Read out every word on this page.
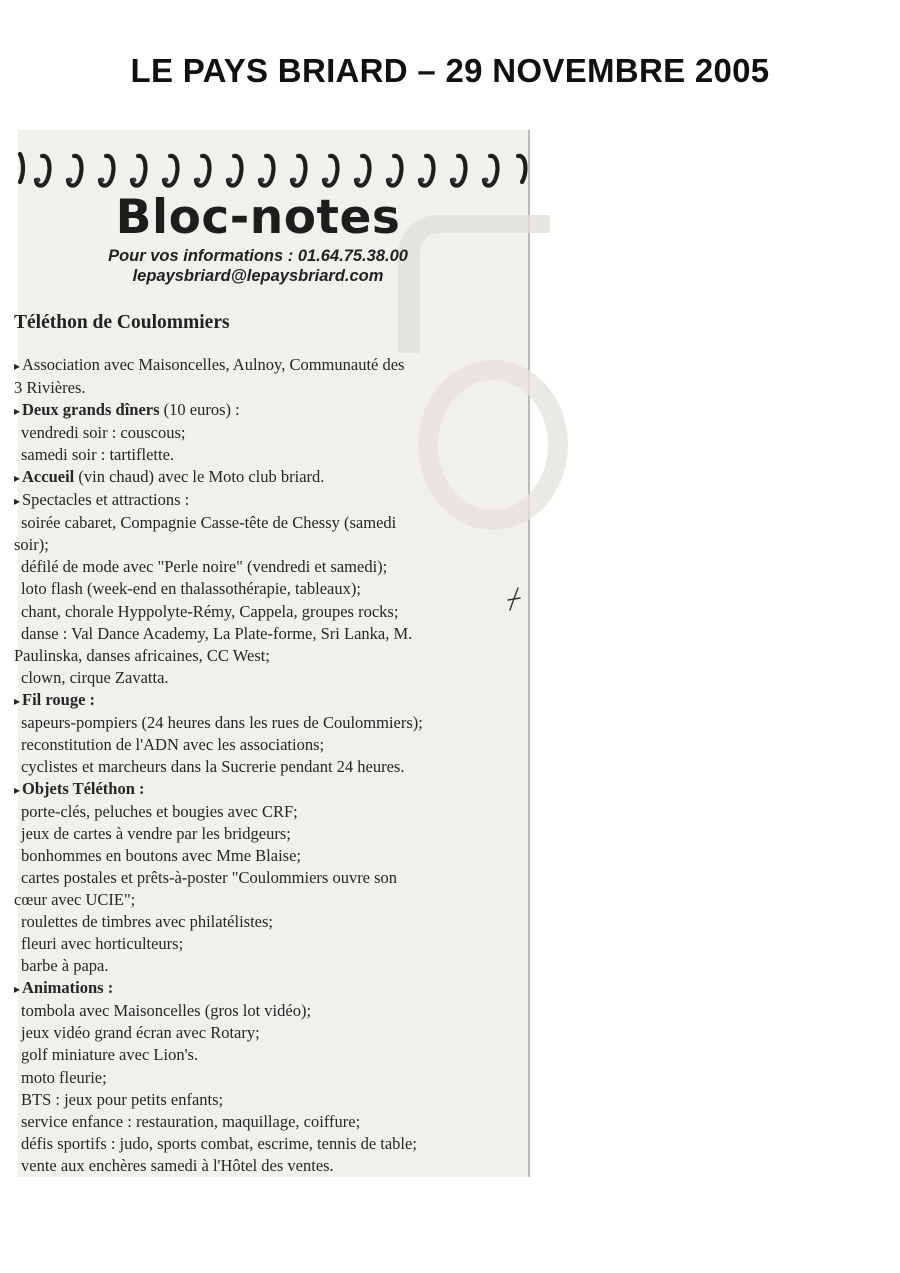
LE PAYS BRIARD – 29 NOVEMBRE 2005
Bloc-notes
Pour vos informations : 01.64.75.38.00
lepaysbriard@lepaysbriard.com
Téléthon de Coulommiers
▸ Association avec Maisoncelles, Aulnoy, Communauté des
3 Rivières.
▸ Deux grands dîners (10 euros) :
vendredi soir : couscous;
samedi soir : tartiflette.
▸ Accueil (vin chaud) avec le Moto club briard.
▸ Spectacles et attractions :
soirée cabaret, Compagnie Casse-tête de Chessy (samedi
soir);
défilé de mode avec "Perle noire" (vendredi et samedi);
loto flash (week-end en thalassothérapie, tableaux);
chant, chorale Hyppolyte-Rémy, Cappela, groupes rocks;
danse : Val Dance Academy, La Plate-forme, Sri Lanka, M.
Paulinska, danses africaines, CC West;
clown, cirque Zavatta.
▸ Fil rouge :
sapeurs-pompiers (24 heures dans les rues de Coulommiers);
reconstitution de l'ADN avec les associations;
cyclistes et marcheurs dans la Sucrerie pendant 24 heures.
▸ Objets Téléthon :
porte-clés, peluches et bougies avec CRF;
jeux de cartes à vendre par les bridgeurs;
bonhommes en boutons avec Mme Blaise;
cartes postales et prêts-à-poster "Coulommiers ouvre son
cœur avec UCIE";
roulettes de timbres avec philatélistes;
fleuri avec horticulteurs;
barbe à papa.
▸ Animations :
tombola avec Maisoncelles (gros lot vidéo);
jeux vidéo grand écran avec Rotary;
golf miniature avec Lion's.
moto fleurie;
BTS : jeux pour petits enfants;
service enfance : restauration, maquillage, coiffure;
défis sportifs : judo, sports combat, escrime, tennis de table;
vente aux enchères samedi à l'Hôtel des ventes.
